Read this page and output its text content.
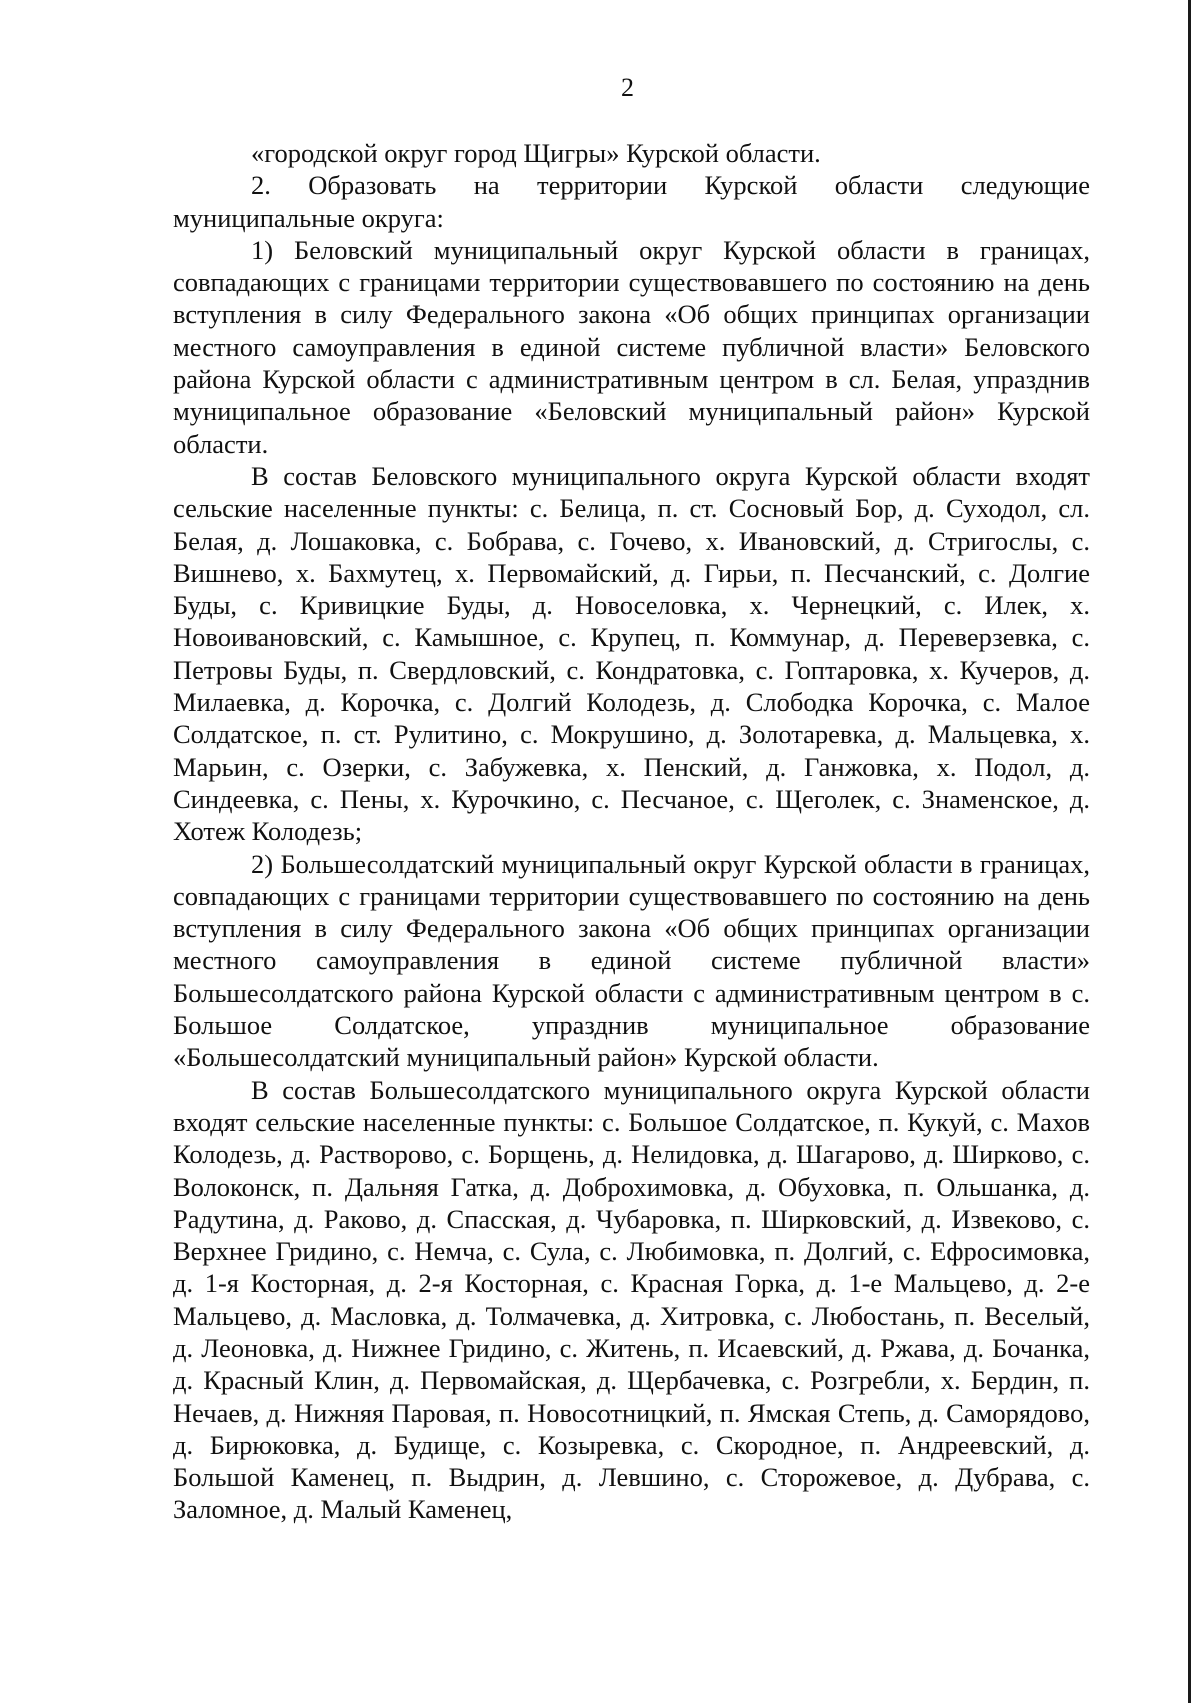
2

«городской округ город Щигры» Курской области.

2. Образовать на территории Курской области следующие муниципальные округа:

1) Беловский муниципальный округ Курской области в границах, совпадающих с границами территории существовавшего по состоянию на день вступления в силу Федерального закона «Об общих принципах организации местного самоуправления в единой системе публичной власти» Беловского района Курской области с административным центром в сл. Белая, упразднив муниципальное образование «Беловский муниципальный район» Курской области.

В состав Беловского муниципального округа Курской области входят сельские населенные пункты: с. Белица, п. ст. Сосновый Бор, д. Суходол, сл. Белая, д. Лошаковка, с. Бобрава, с. Гочево, х. Ивановский, д. Стригослы, с. Вишнево, х. Бахмутец, х. Первомайский, д. Гирьи, п. Песчанский, с. Долгие Буды, с. Кривицкие Буды, д. Новоселовка, х. Чернецкий, с. Илек, х. Новоивановский, с. Камышное, с. Крупец, п. Коммунар, д. Переверзевка, с. Петровы Буды, п. Свердловский, с. Кондратовка, с. Гоптаровка, х. Кучеров, д. Милаевка, д. Корочка, с. Долгий Колодезь, д. Слободка Корочка, с. Малое Солдатское, п. ст. Рулитино, с. Мокрушино, д. Золотаревка, д. Мальцевка, х. Марьин, с. Озерки, с. Забужевка, х. Пенский, д. Ганжовка, х. Подол, д. Синдеевка, с. Пены, х. Курочкино, с. Песчаное, с. Щеголек, с. Знаменское, д. Хотеж Колодезь;

2) Большесолдатский муниципальный округ Курской области в границах, совпадающих с границами территории существовавшего по состоянию на день вступления в силу Федерального закона «Об общих принципах организации местного самоуправления в единой системе публичной власти» Большесолдатского района Курской области с административным центром в с. Большое Солдатское, упразднив муниципальное образование «Большесолдатский муниципальный район» Курской области.

В состав Большесолдатского муниципального округа Курской области входят сельские населенные пункты: с. Большое Солдатское, п. Кукуй, с. Махов Колодезь, д. Растворово, с. Борщень, д. Нелидовка, д. Шагарово, д. Ширково, с. Волоконск, п. Дальняя Гатка, д. Доброхимовка, д. Обуховка, п. Ольшанка, д. Радутина, д. Раково, д. Спасская, д. Чубаровка, п. Ширковский, д. Извеково, с. Верхнее Гридино, с. Немча, с. Сула, с. Любимовка, п. Долгий, с. Ефросимовка, д. 1-я Косторная, д. 2-я Косторная, с. Красная Горка, д. 1-е Мальцево, д. 2-е Мальцево, д. Масловка, д. Толмачевка, д. Хитровка, с. Любостань, п. Веселый, д. Леоновка, д. Нижнее Гридино, с. Житень, п. Исаевский, д. Ржава, д. Бочанка, д. Красный Клин, д. Первомайская, д. Щербачевка, с. Розгребли, х. Бердин, п. Нечаев, д. Нижняя Паровая, п. Новосотницкий, п. Ямская Степь, д. Саморядово, д. Бирюковка, д. Будище, с. Козыревка, с. Скородное, п. Андреевский, д. Большой Каменец, п. Выдрин, д. Левшино, с. Сторожевое, д. Дубрава, с. Заломное, д. Малый Каменец,
